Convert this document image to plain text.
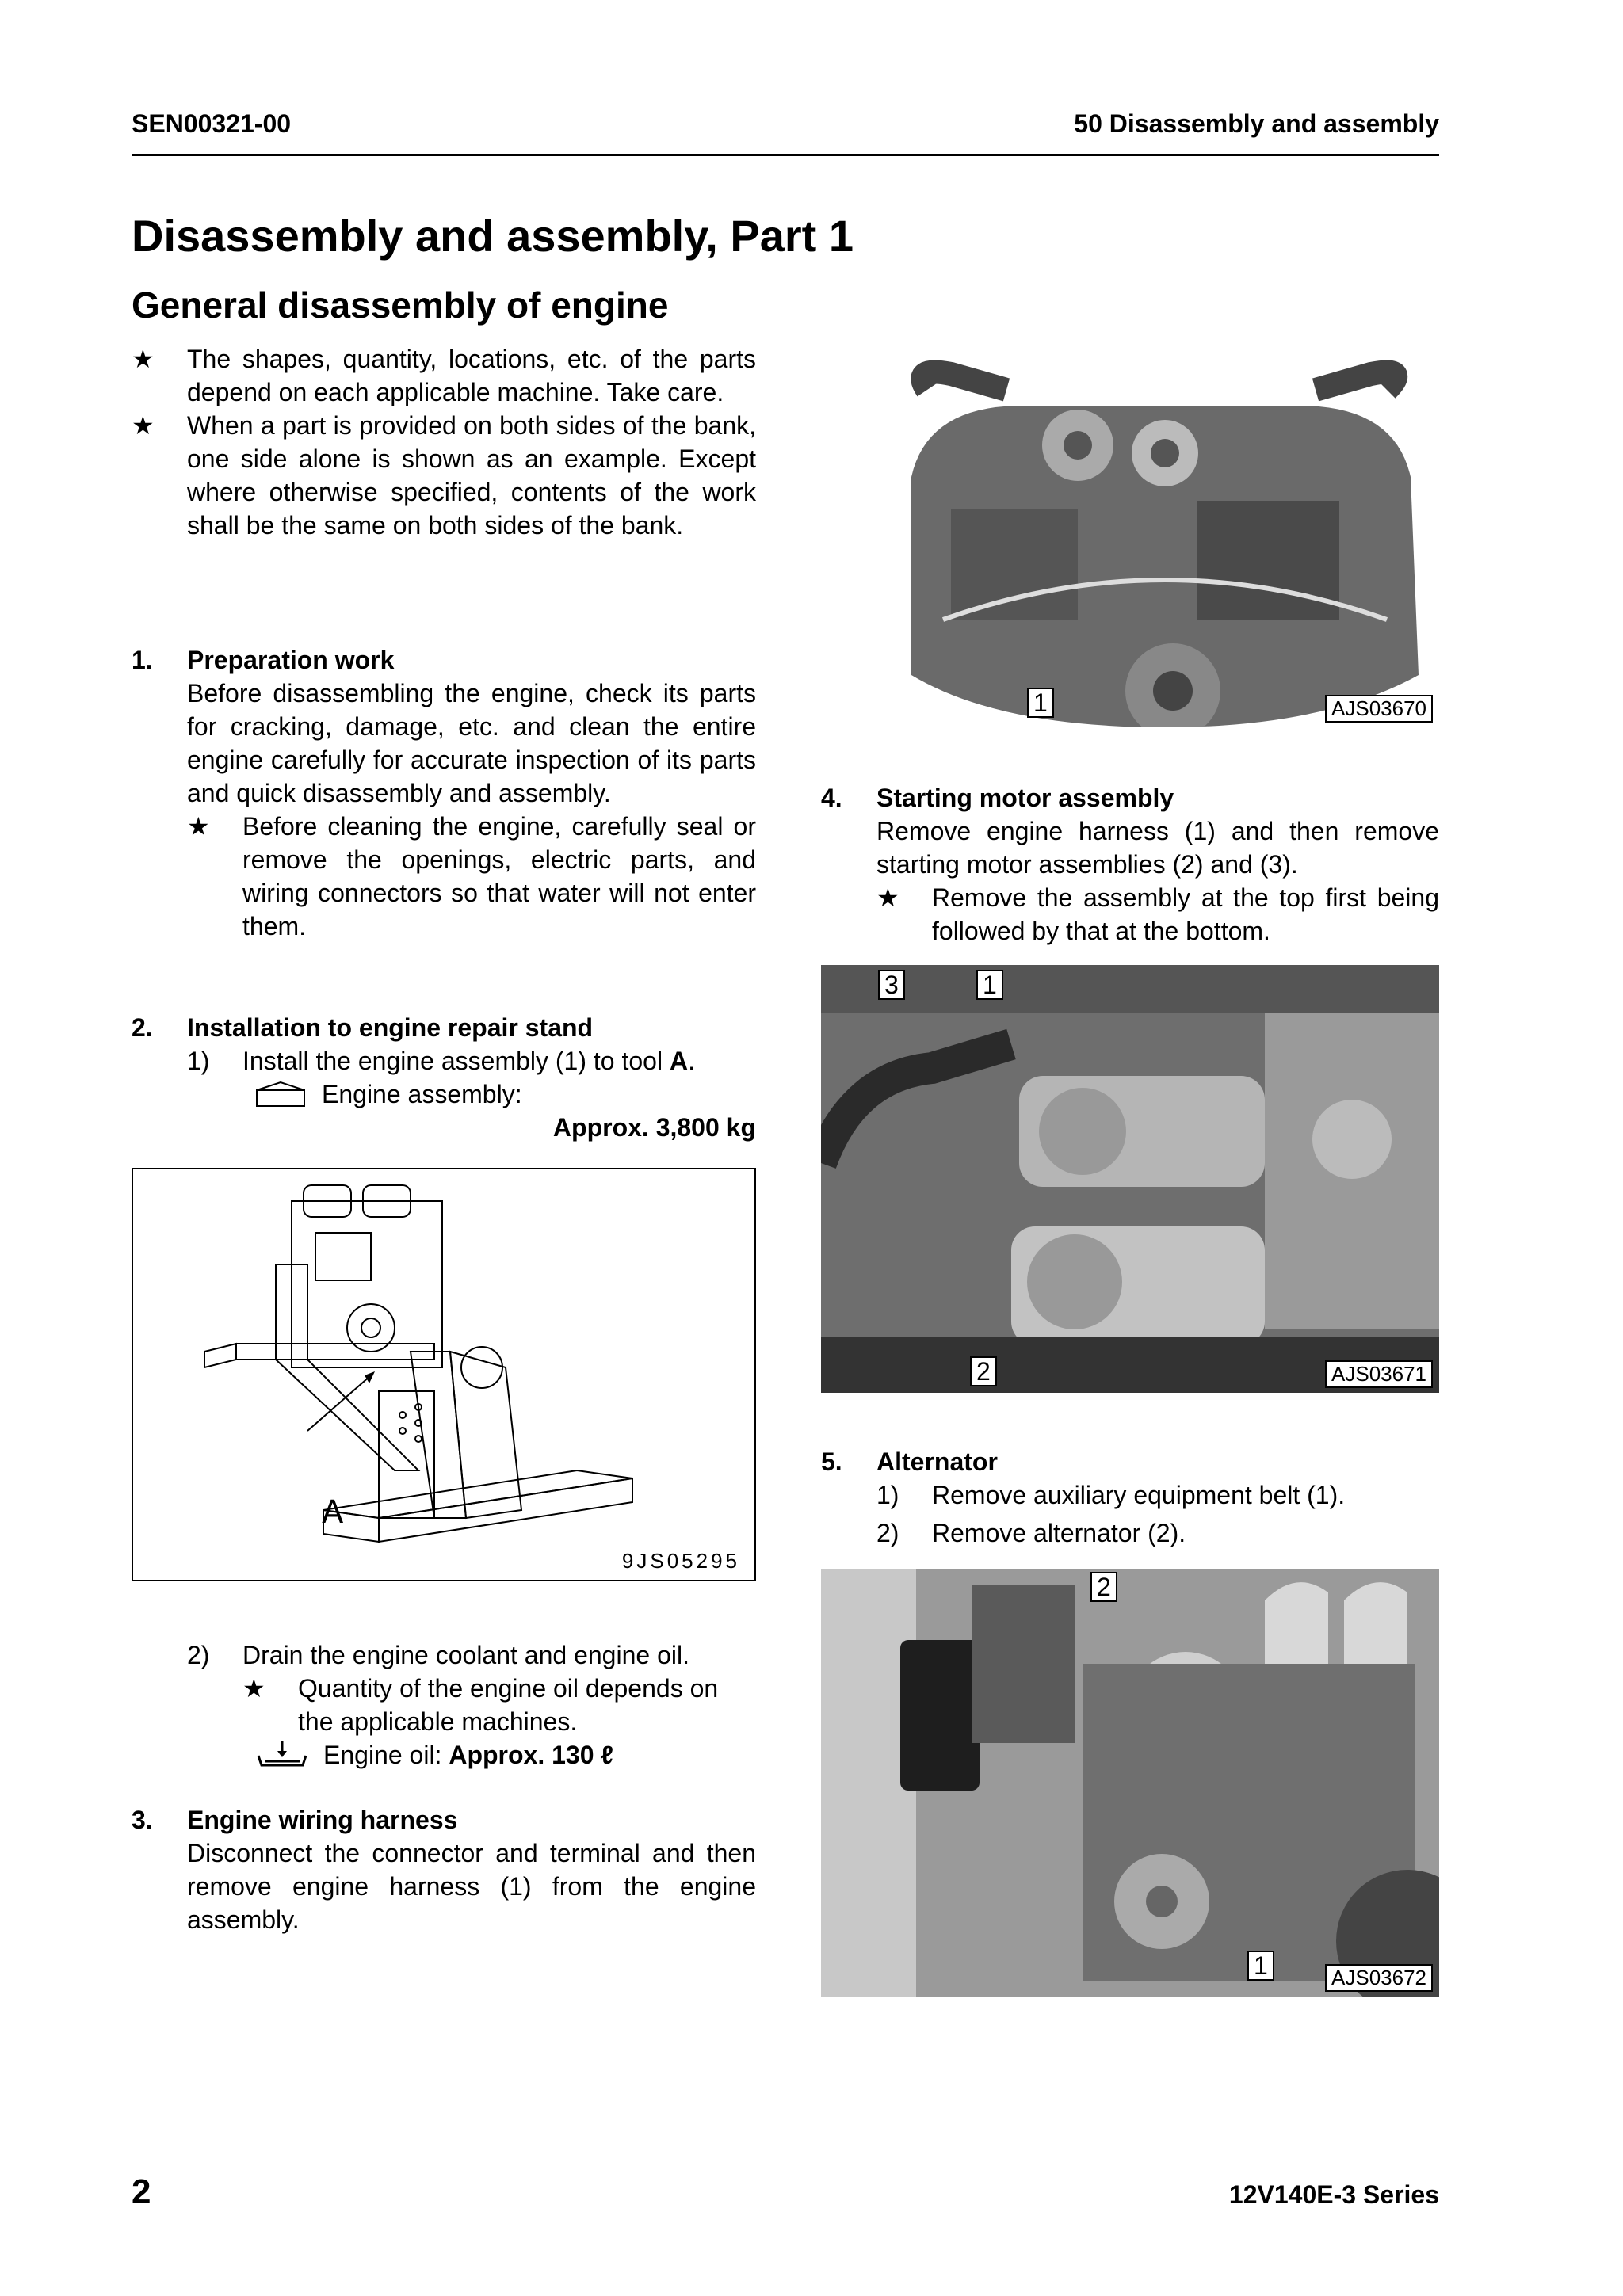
SEN00321-00	50 Disassembly and assembly
Disassembly and assembly, Part 1
General disassembly of engine
★ The shapes, quantity, locations, etc. of the parts depend on each applicable machine. Take care.
★ When a part is provided on both sides of the bank, one side alone is shown as an example. Except where otherwise specified, contents of the work shall be the same on both sides of the bank.
1. Preparation work
Before disassembling the engine, check its parts for cracking, damage, etc. and clean the entire engine carefully for accurate inspection of its parts and quick disassembly and assembly.
★ Before cleaning the engine, carefully seal or remove the openings, electric parts, and wiring connectors so that water will not enter them.
2. Installation to engine repair stand
1) Install the engine assembly (1) to tool A.
Engine assembly:
Approx. 3,800 kg
A
9JS05295
2) Drain the engine coolant and engine oil.
★ Quantity of the engine oil depends on the applicable machines.
Engine oil: Approx. 130 ℓ
3. Engine wiring harness
Disconnect the connector and terminal and then remove engine harness (1) from the engine assembly.
1	AJS03670
4. Starting motor assembly
Remove engine harness (1) and then remove starting motor assemblies (2) and (3).
★ Remove the assembly at the top first being followed by that at the bottom.
3	1
2	AJS03671
5. Alternator
1) Remove auxiliary equipment belt (1).
2) Remove alternator (2).
2
1	AJS03672
2	12V140E-3 Series
